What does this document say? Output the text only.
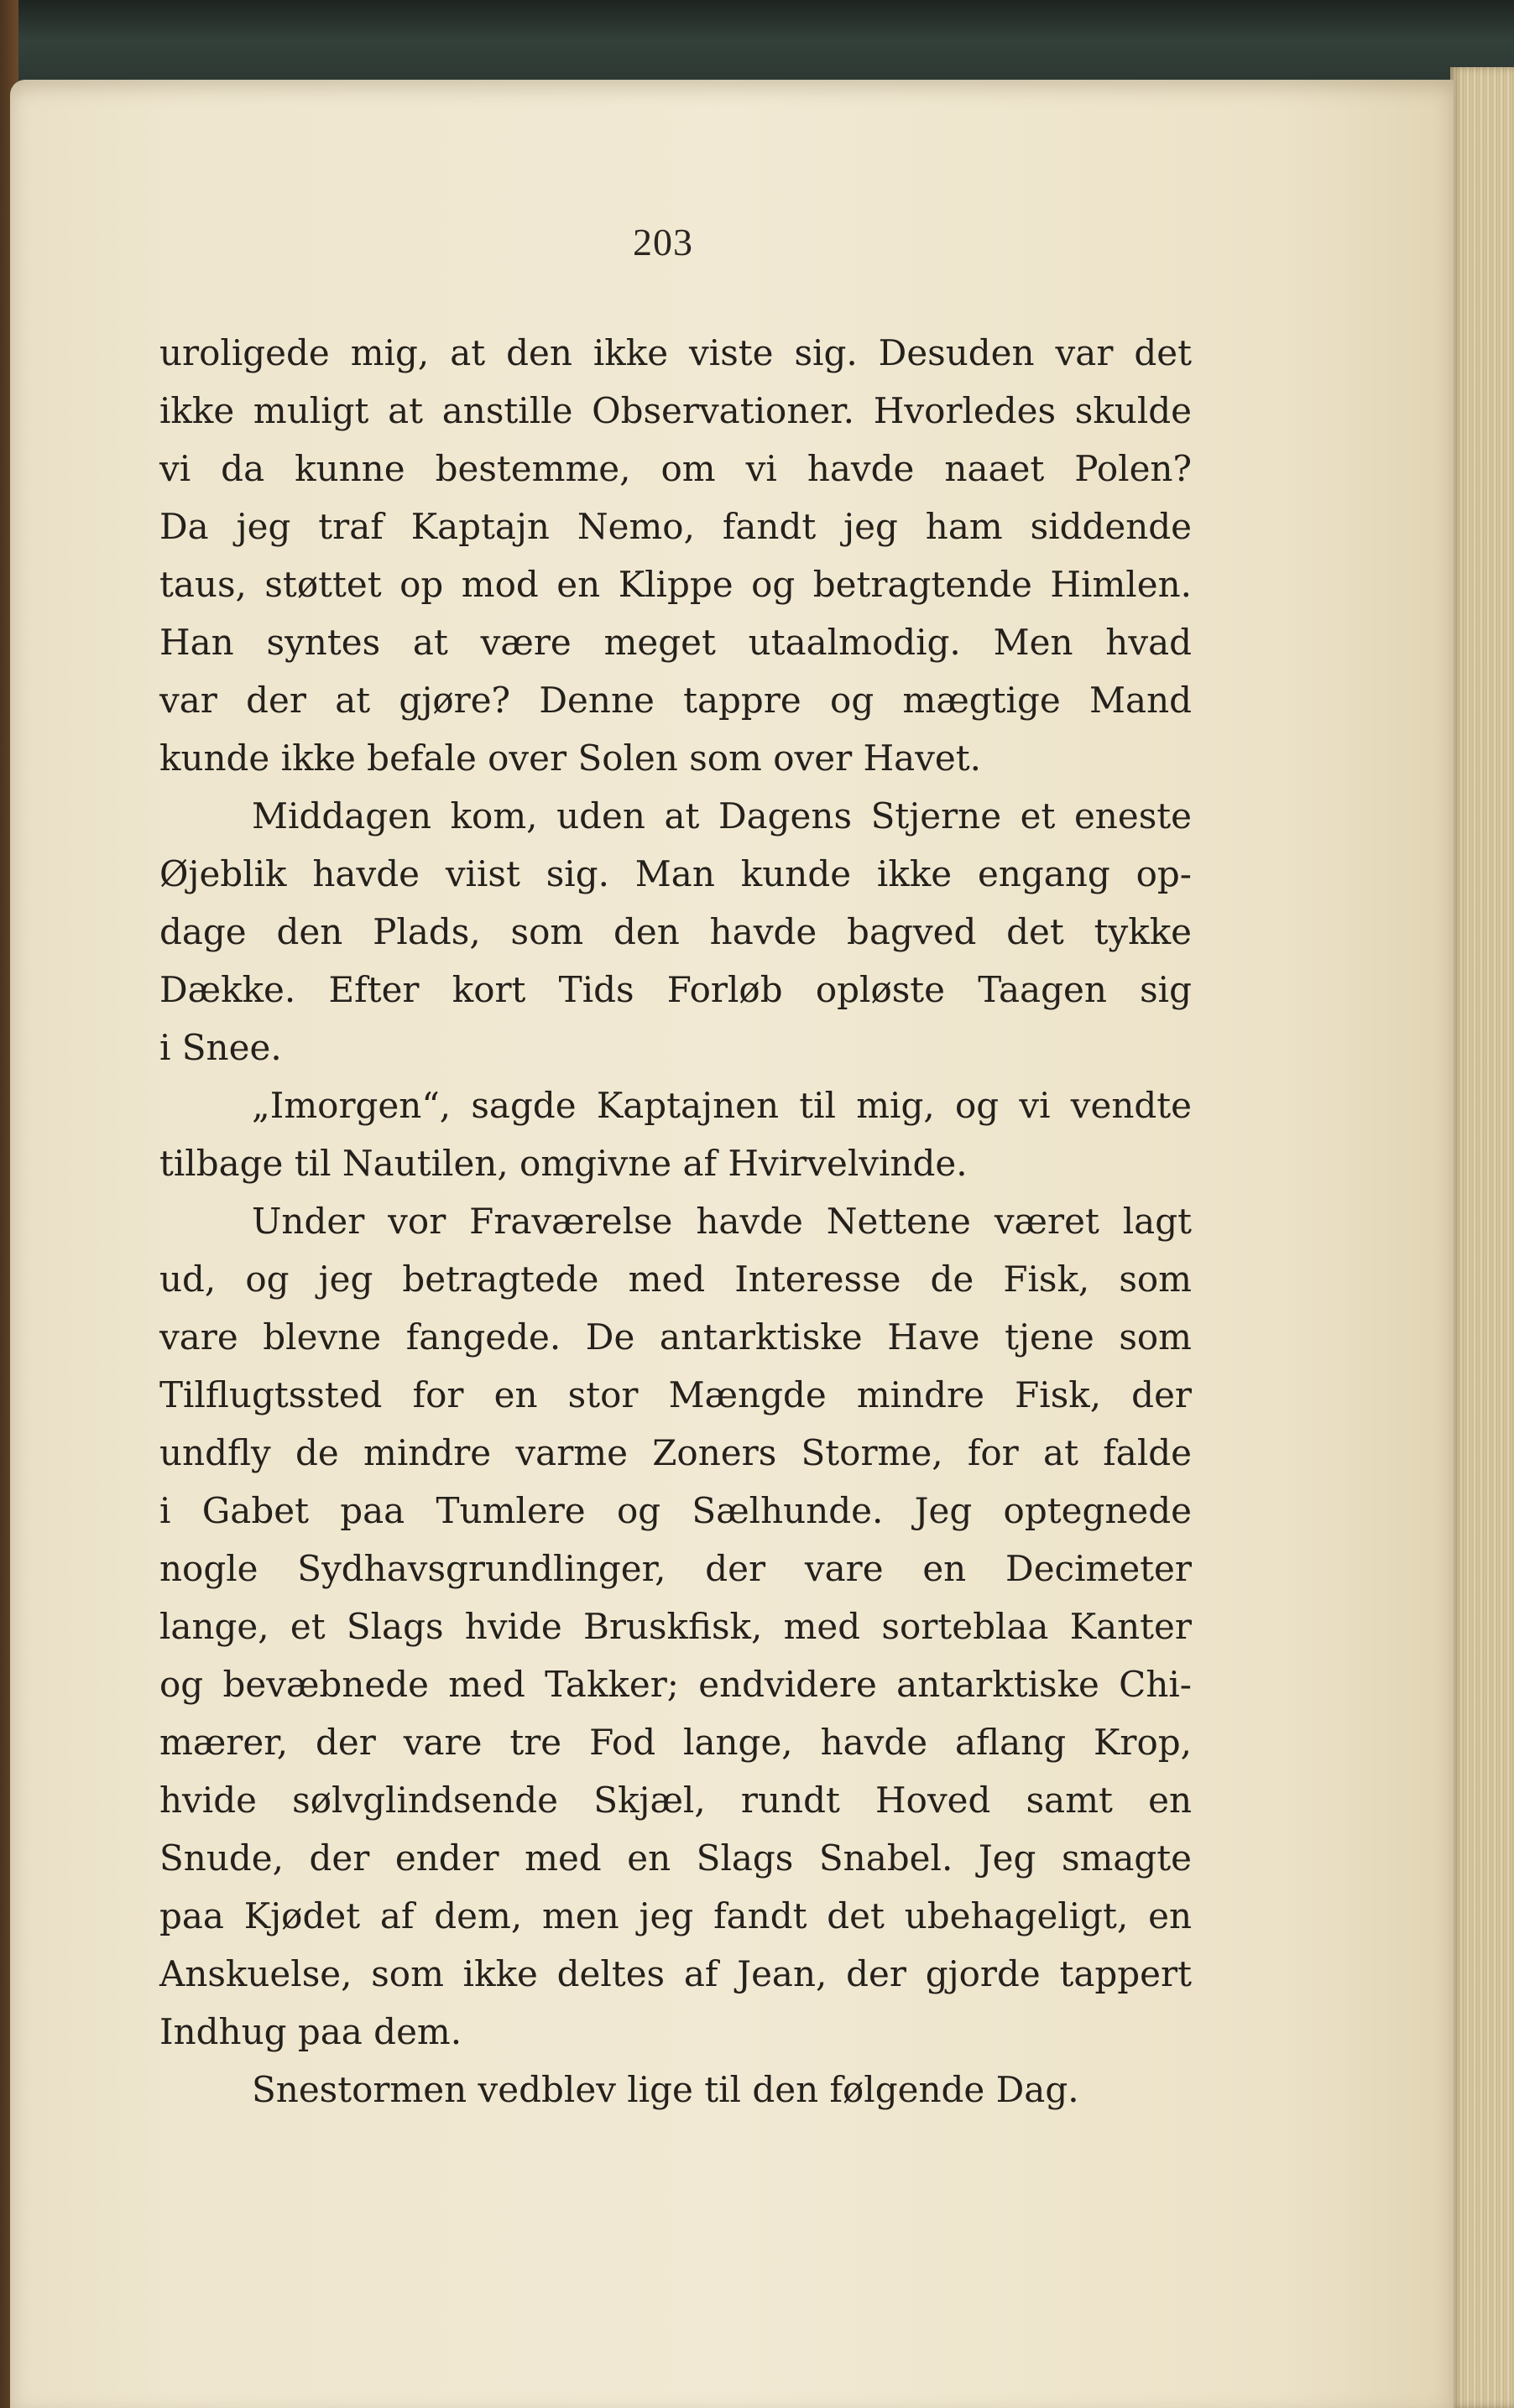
203
uroligede mig, at den ikke viste sig. Desuden var det
ikke muligt at anstille Observationer. Hvorledes skulde
vi da kunne bestemme, om vi havde naaet Polen?
Da jeg traf Kaptajn Nemo, fandt jeg ham siddende
taus, støttet op mod en Klippe og betragtende Himlen.
Han syntes at være meget utaalmodig. Men hvad
var der at gjøre? Denne tappre og mægtige Mand
kunde ikke befale over Solen som over Havet.
Middagen kom, uden at Dagens Stjerne et eneste
Øjeblik havde viist sig. Man kunde ikke engang op-
dage den Plads, som den havde bagved det tykke
Dække. Efter kort Tids Forløb opløste Taagen sig
i Snee.
„Imorgen“, sagde Kaptajnen til mig, og vi vendte
tilbage til Nautilen, omgivne af Hvirvelvinde.
Under vor Fraværelse havde Nettene været lagt
ud, og jeg betragtede med Interesse de Fisk, som
vare blevne fangede. De antarktiske Have tjene som
Tilflugtssted for en stor Mængde mindre Fisk, der
undfly de mindre varme Zoners Storme, for at falde
i Gabet paa Tumlere og Sælhunde. Jeg optegnede
nogle Sydhavsgrundlinger, der vare en Decimeter
lange, et Slags hvide Bruskfisk, med sorteblaa Kanter
og bevæbnede med Takker; endvidere antarktiske Chi-
mærer, der vare tre Fod lange, havde aflang Krop,
hvide sølvglindsende Skjæl, rundt Hoved samt en
Snude, der ender med en Slags Snabel. Jeg smagte
paa Kjødet af dem, men jeg fandt det ubehageligt, en
Anskuelse, som ikke deltes af Jean, der gjorde tappert
Indhug paa dem.
Snestormen vedblev lige til den følgende Dag.
